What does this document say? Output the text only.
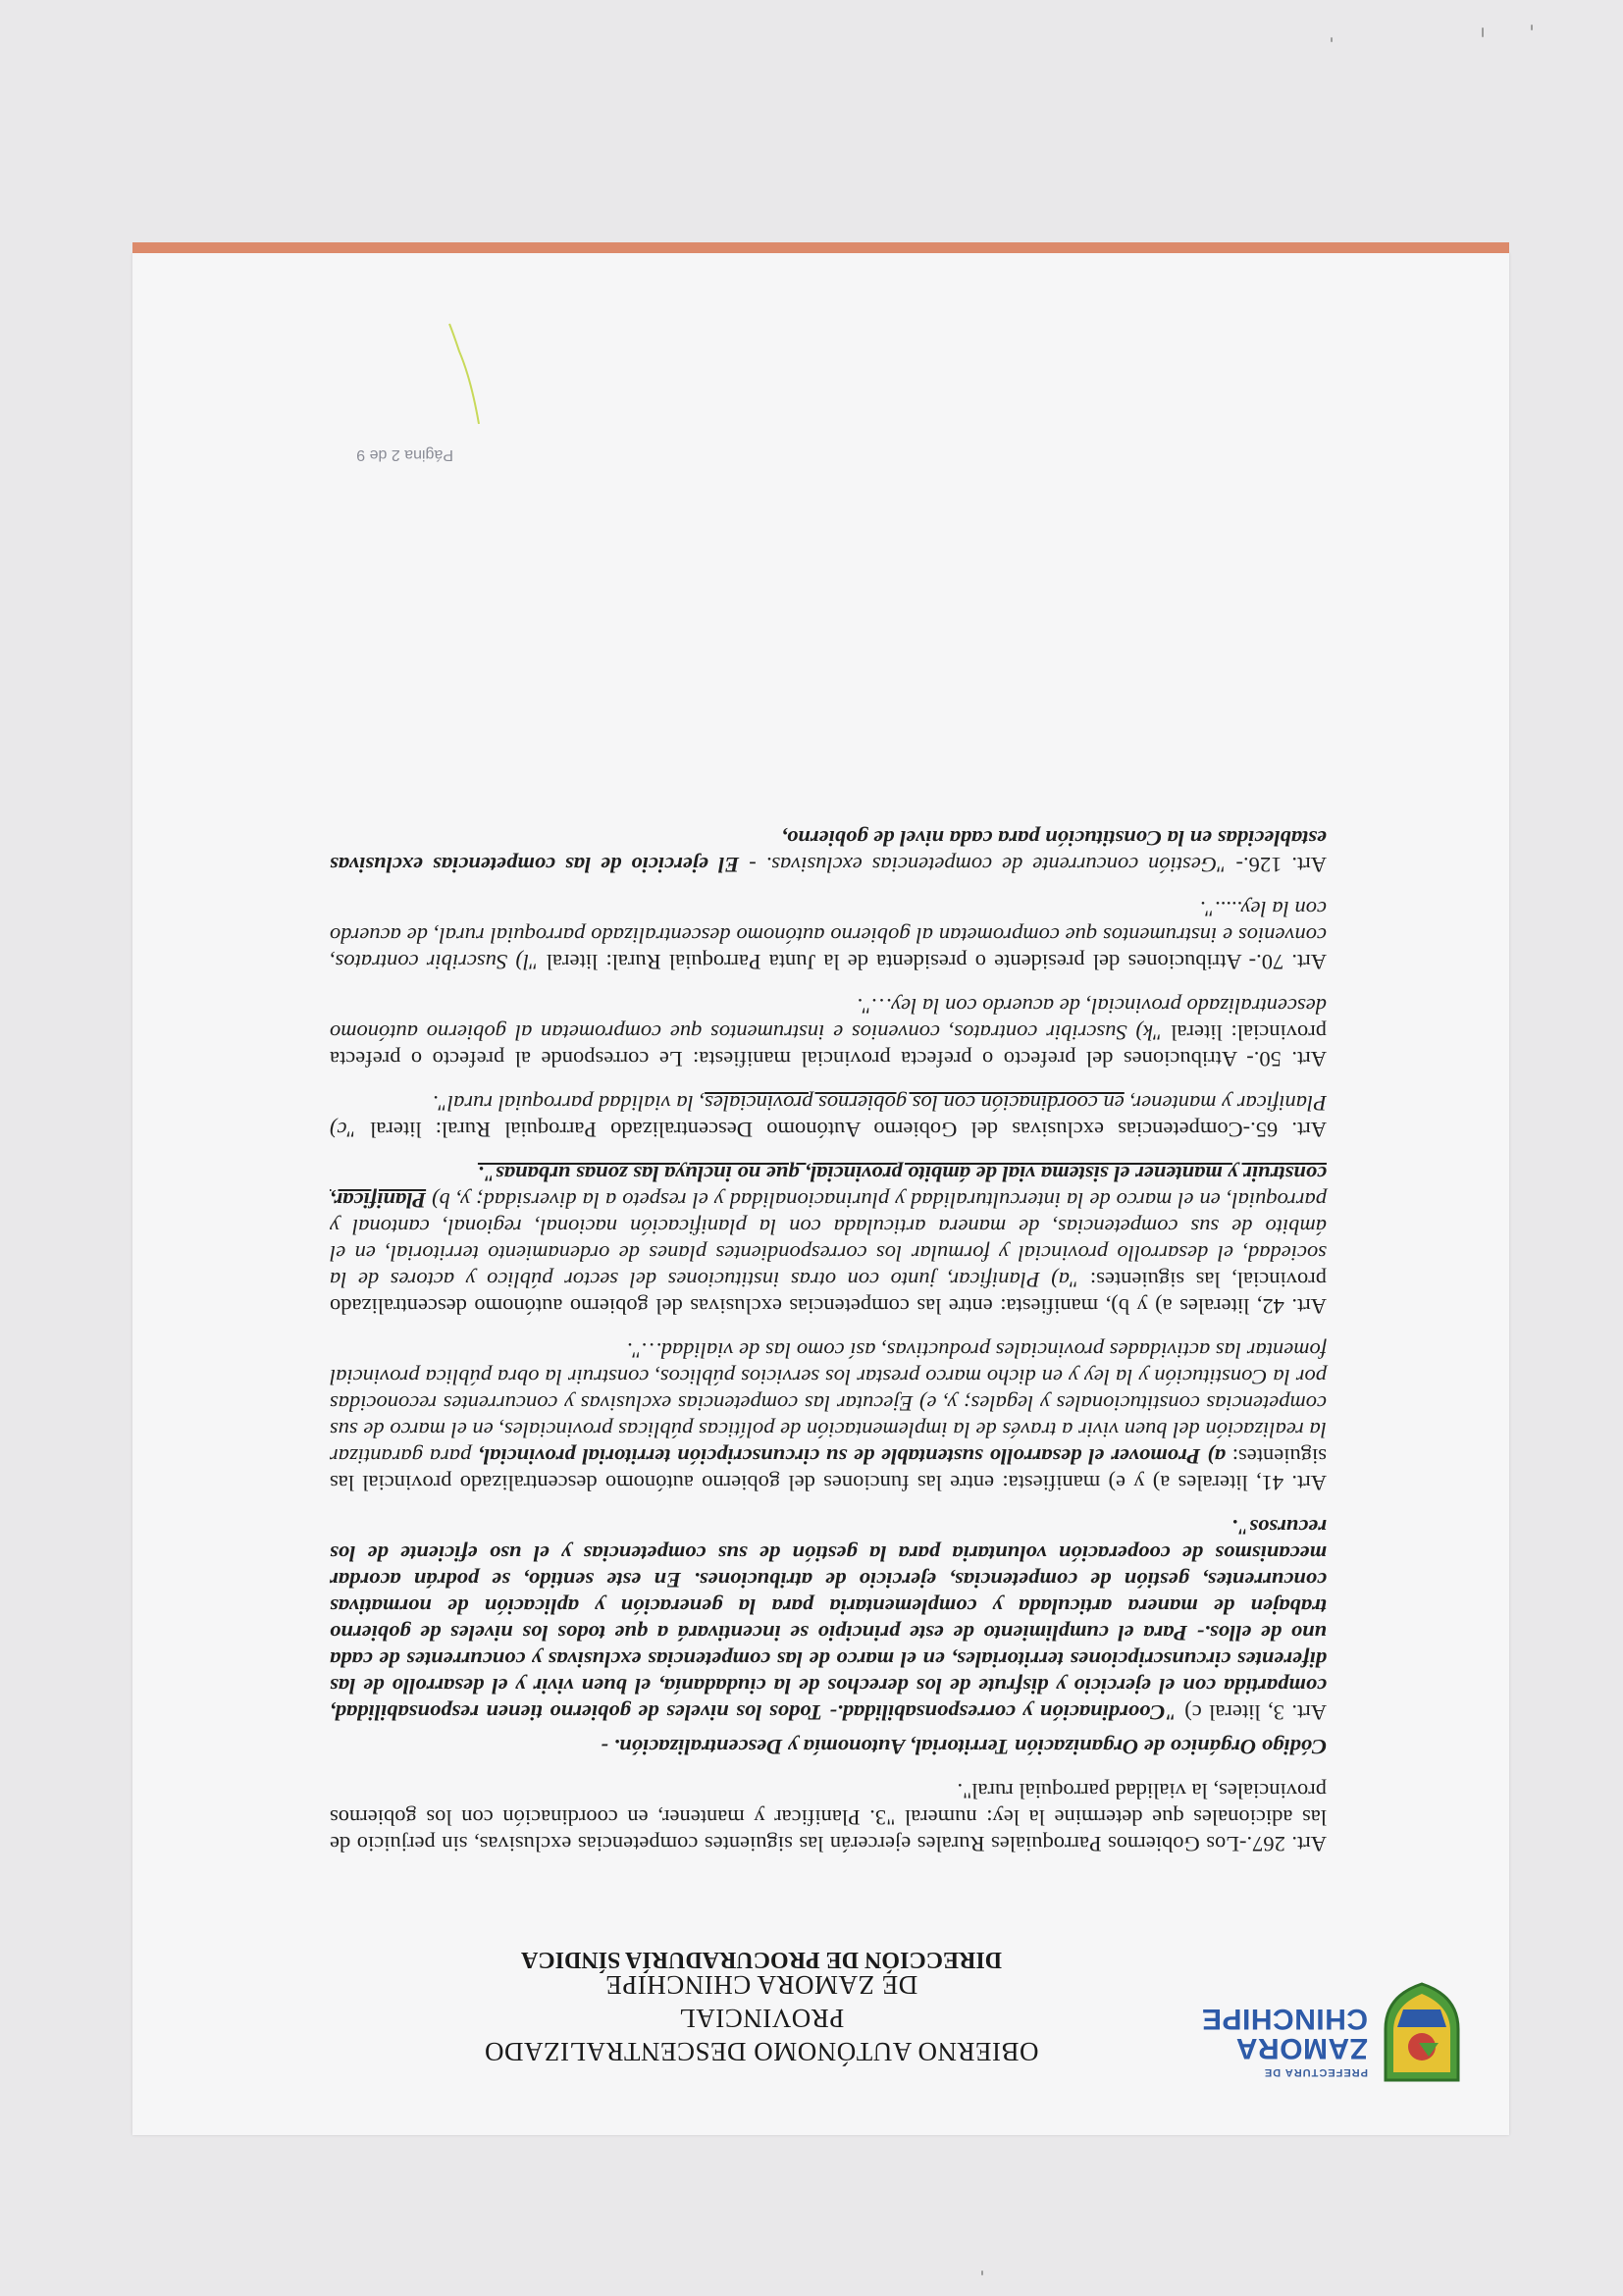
PREFECTURA DE
ZAMORA
CHINCHIPE
OBIERNO AUTÓNOMO DESCENTRALIZADO PROVINCIAL
DE ZAMORA CHINCHIPE
DIRECCIÓN DE PROCURADURÍA SÍNDICA

Art. 267.-Los Gobiernos Parroquiales Rurales ejercerán las siguientes competencias exclusivas, sin perjuicio de las adicionales que determine la ley: numeral "3. Planificar y mantener, en coordinación con los gobiernos provinciales, la vialidad parroquial rural".

Código Orgánico de Organización Territorial, Autonomía y Descentralización. -

Art. 3, literal c) "Coordinación y corresponsabilidad.- Todos los niveles de gobierno tienen responsabilidad, compartida con el ejercicio y disfrute de los derechos de la ciudadanía, el buen vivir y el desarrollo de las diferentes circunscripciones territoriales, en el marco de las competencias exclusivas y concurrentes de cada uno de ellos.- Para el cumplimiento de este principio se incentivará a que todos los niveles de gobierno trabajen de manera articulada y complementaria para la generación y aplicación de normativas concurrentes, gestión de competencias, ejercicio de atribuciones. En este sentido, se podrán acordar mecanismos de cooperación voluntaria para la gestión de sus competencias y el uso eficiente de los recursos".

Art. 41, literales a) y e) manifiesta: entre las funciones del gobierno autónomo descentralizado provincial las siguientes: a) Promover el desarrollo sustentable de su circunscripción territorial provincial, para garantizar la realización del buen vivir a través de la implementación de políticas públicas provinciales, en el marco de sus competencias constitucionales y legales; y, e) Ejecutar las competencias exclusivas y concurrentes reconocidas por la Constitución y la ley y en dicho marco prestar los servicios públicos, construir la obra pública provincial fomentar las actividades provinciales productivas, así como las de vialidad…".

Art. 42, literales a) y b), manifiesta: entre las competencias exclusivas del gobierno autónomo descentralizado provincial, las siguientes: "a) Planificar, junto con otras instituciones del sector público y actores de la sociedad, el desarrollo provincial y formular los correspondientes planes de ordenamiento territorial, en el ámbito de sus competencias, de manera articulada con la planificación nacional, regional, cantonal y parroquial, en el marco de la interculturalidad y plurinacionalidad y el respeto a la diversidad; y, b) Planificar, construir y mantener el sistema vial de ámbito provincial, que no incluya las zonas urbanas".

Art. 65.-Competencias exclusivas del Gobierno Autónomo Descentralizado Parroquial Rural: literal "c) Planificar y mantener, en coordinación con los gobiernos provinciales, la vialidad parroquial rural".

Art. 50.- Atribuciones del prefecto o prefecta provincial manifiesta: Le corresponde al prefecto o prefecta provincial: literal "k) Suscribir contratos, convenios e instrumentos que comprometan al gobierno autónomo descentralizado provincial, de acuerdo con la ley…".

Art. 70.- Atribuciones del presidente o presidenta de la Junta Parroquial Rural: literal "l) Suscribir contratos, convenios e instrumentos que comprometan al gobierno autónomo descentralizado parroquial rural, de acuerdo con la ley.....".

Art. 126.- "Gestión concurrente de competencias exclusivas. - El ejercicio de las competencias exclusivas establecidas en la Constitución para cada nivel de gobierno,

Página 2 de 9
